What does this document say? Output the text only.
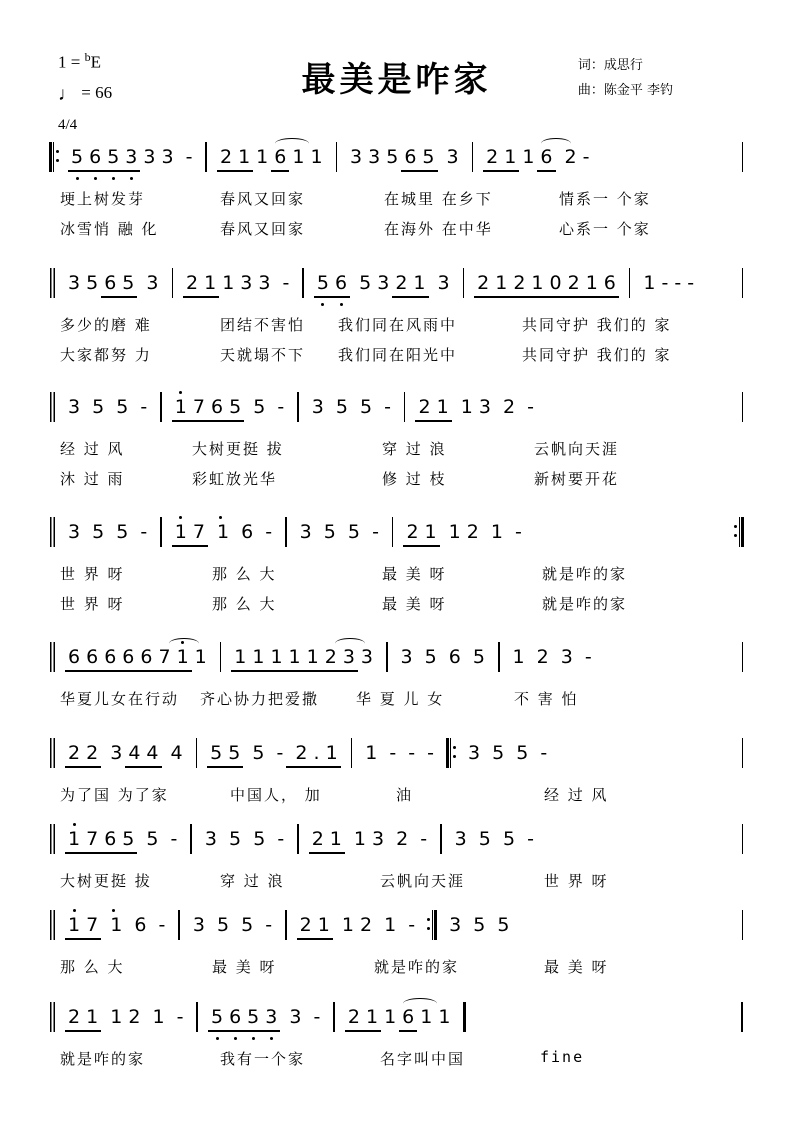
1 = $^b$E
♩ = 66
4/4
最美是咋家	词：成思行
曲：陈金平 李钓
5 6 5 3 3 3 - 2 1 1 6 1 1 3 3 5 6 5 3 2 1 1 6 2 -
埂上树发芽	春风又回家	在城里 在乡下	情系一 个家
冰雪悄 融 化	春风又回家	在海外 在中华	心系一 个家
3 5 6 5 3 2 1 1 3 3 - 5 6 5 3 2 1 3 2 1 2 1 0 2 1 6 1 - - -
多少的磨 难	团结不害怕 我们同在风雨中	共同守护 我们的 家
大家都努 力	天就塌不下 我们同在阳光中	共同守护 我们的 家
3 5 5 - 1 7 6 5 5 - 3 5 5 - 2 1 1 3 2 -
经 过 风	大树更挺 拔	穿 过 浪	云帆向天涯
沐 过 雨	彩虹放光华	修 过 枝	新树要开花
3 5 5 - 1 7 1 6 - 3 5 5 - 2 1 1 2 1 -
世 界 呀	那 么 大	最 美 呀	就是咋的家
世 界 呀	那 么 大	最 美 呀	就是咋的家
6 6 6 6 6 7 1 1 1 1 1 1 1 2 3 3 3 5 6 5 1 2 3 -
华夏儿女在行动 齐心协力把爱撒 华 夏 儿 女	不 害 怕
2 2 3 4 4 4 5 5 5 - 2 . 1 1 - - - 3 5 5 -
为了国 为了家	中国人， 加	油	经 过 风
1 7 6 5 5 - 3 5 5 - 2 1 1 3 2 - 3 5 5 -
大树更挺 拔	穿 过 浪	云帆向天涯	世 界 呀
1 7 1 6 - 3 5 5 - 2 1 1 2 1 - 3 5 5
那 么 大	最 美 呀	就是咋的家	最 美 呀
2 1 1 2 1 - 5 6 5 3 3 - 2 1 1 6 1 1
就是咋的家	我有一个家	名字叫中国	fine
